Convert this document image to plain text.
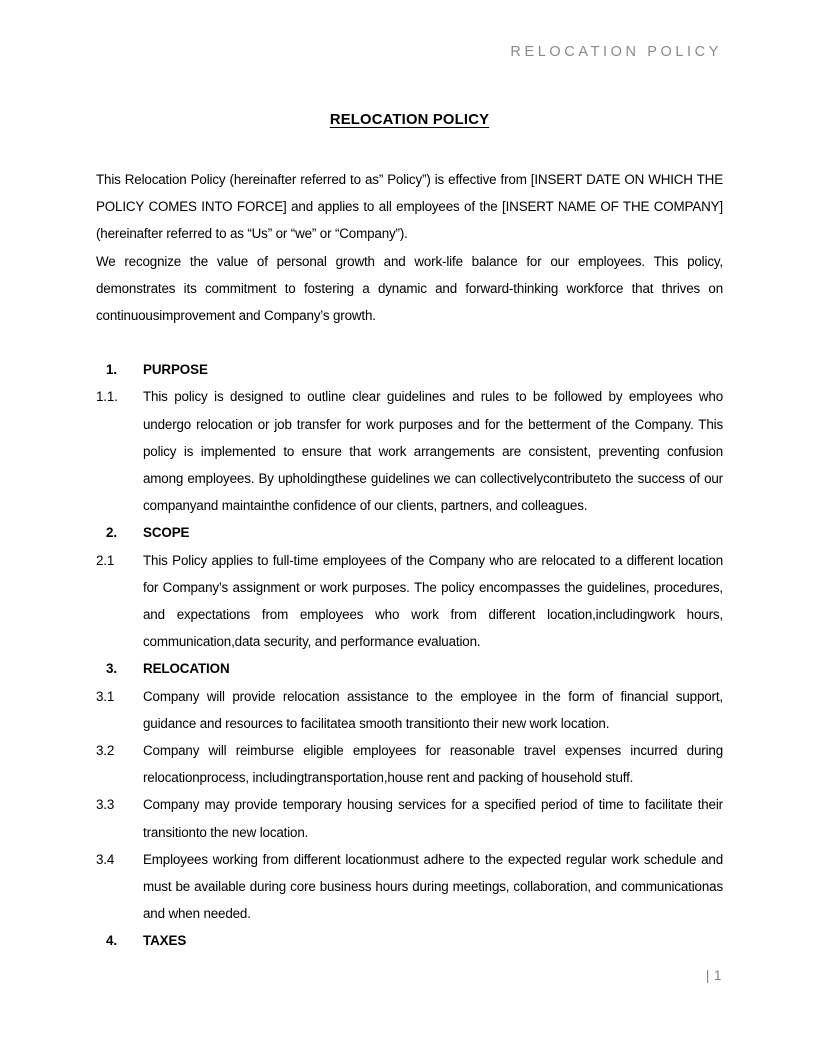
RELOCATION POLICY
RELOCATION POLICY

This Relocation Policy (hereinafter referred to as” Policy”) is effective from [INSERT DATE ON WHICH THE POLICY COMES INTO FORCE] and applies to all employees of the [INSERT NAME OF THE COMPANY] (hereinafter referred to as “Us” or “we” or “Company”).

We recognize the value of personal growth and work-life balance for our employees. This policy, demonstrates its commitment to fostering a dynamic and forward-thinking workforce that thrives on continuousimprovement and Company’s growth.

1.	PURPOSE
1.1.	This policy is designed to outline clear guidelines and rules to be followed by employees who undergo relocation or job transfer for work purposes and for the betterment of the Company. This policy is implemented to ensure that work arrangements are consistent, preventing confusion among employees. By upholdingthese guidelines we can collectivelycontributeto the success of our companyand maintainthe confidence of our clients, partners, and colleagues.
2.	SCOPE
2.1	This Policy applies to full-time employees of the Company who are relocated to a different location for Company’s assignment or work purposes. The policy encompasses the guidelines, procedures, and expectations from employees who work from different location,includingwork hours, communication,data security, and performance evaluation.
3.	RELOCATION
3.1	Company will provide relocation assistance to the employee in the form of financial support, guidance and resources to facilitatea smooth transitionto their new work location.
3.2	Company will reimburse eligible employees for reasonable travel expenses incurred during relocationprocess, includingtransportation,house rent and packing of household stuff.
3.3	Company may provide temporary housing services for a specified period of time to facilitate their transitionto the new location.
3.4	Employees working from different locationmust adhere to the expected regular work schedule and must be available during core business hours during meetings, collaboration, and communicationas and when needed.
4.	TAXES
| 1
